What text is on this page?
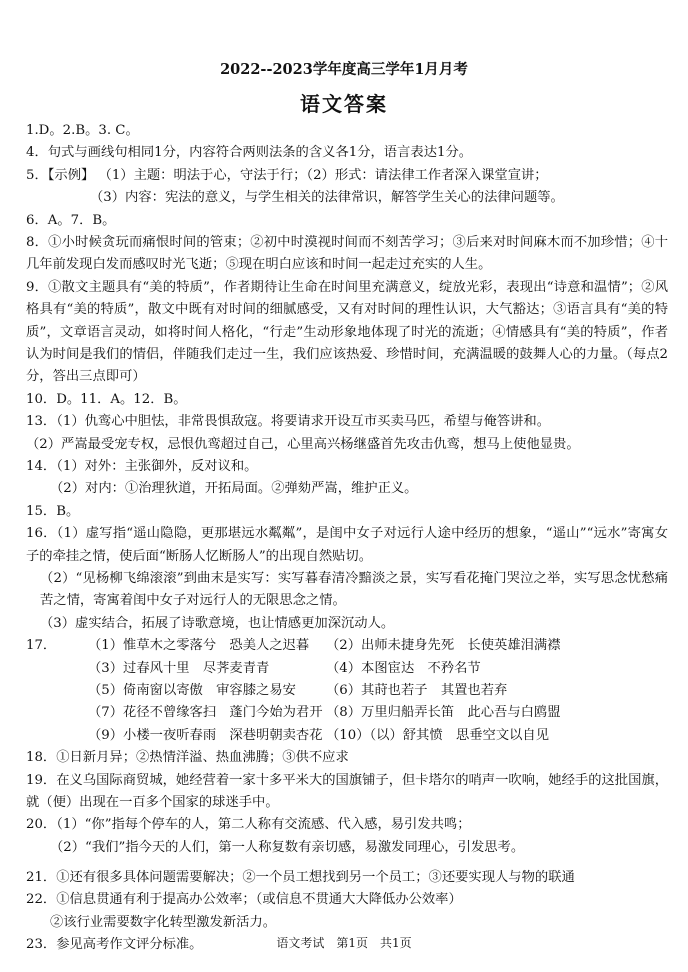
2022--2023学年度高三学年1月月考
语文答案
1.D。2.B。3. C。
4．句式与画线句相同1分，内容符合两则法条的含义各1分，语言表达1分。
5．【示例】 （1）主题：明法于心，守法于行；（2）形式：请法律工作者深入课堂宣讲；
（3）内容：宪法的意义，与学生相关的法律常识，解答学生关心的法律问题等。
6．A。7．B。
8．①小时候贪玩而痛恨时间的管束；②初中时漠视时间而不刻苦学习；③后来对时间麻木而不加珍惜；④十几年前发现白发而感叹时光飞逝；⑤现在明白应该和时间一起走过充实的人生。
9．①散文主题具有“美的特质”，作者期待让生命在时间里充满意义，绽放光彩，表现出“诗意和温情”；②风格具有“美的特质”，散文中既有对时间的细腻感受，又有对时间的理性认识，大气豁达；③语言具有“美的特质”，文章语言灵动，如将时间人格化，“行走”生动形象地体现了时光的流逝；④情感具有“美的特质”，作者认为时间是我们的情侣，伴随我们走过一生，我们应该热爱、珍惜时间，充满温暖的鼓舞人心的力量。（每点2分，答出三点即可）
10．D。11．A。12．B。
13．（1）仇鸾心中胆怯，非常畏惧敌寇。将要请求开设互市买卖马匹，希望与俺答讲和。
（2）严嵩最受宠专权，忌恨仇鸾超过自己，心里高兴杨继盛首先攻击仇鸾，想马上使他显贵。
14．（1）对外：主张御外，反对议和。
（2）对内：①治理狄道，开拓局面。②弹劾严嵩，维护正义。
15．B。
16．（1）虚写指“遥山隐隐，更那堪远水粼粼”，是闺中女子对远行人途中经历的想象，“遥山”“远水”寄寓女子的牵挂之情，使后面“断肠人忆断肠人”的出现自然贴切。
（2）“见杨柳飞绵滚滚”到曲末是实写：实写暮春清冷黯淡之景，实写看花掩门哭泣之举，实写思念忧愁痛苦之情，寄寓着闺中女子对远行人的无限思念之情。
（3）虚实结合，拓展了诗歌意境，也让情感更加深沉动人。
17．	（1）惟草木之零落兮　恐美人之迟暮	（2）出师未捷身先死　长使英雄泪满襟
（3）过春风十里　尽荠麦青青	（4）本图宦达　不矜名节
（5）倚南窗以寄傲　审容膝之易安	（6）其莳也若子　其置也若弃
（7）花径不曾缘客扫　蓬门今始为君开 （8）万里归船弄长笛　此心吾与白鸥盟
（9）小楼一夜听春雨　深巷明朝卖杏花 （10）（以）舒其愤　思垂空文以自见
18．①日新月异；②热情洋溢、热血沸腾；③供不应求
19．在义乌国际商贸城，她经营着一家十多平米大的国旗铺子，但卡塔尔的哨声一吹响，她经手的这批国旗，就（便）出现在一百多个国家的球迷手中。
20．（1）“你”指每个停车的人，第二人称有交流感、代入感，易引发共鸣；
（2）“我们”指今天的人们，第一人称复数有亲切感，易激发同理心，引发思考。
21．①还有很多具体问题需要解决；②一个员工想找到另一个员工；③还要实现人与物的联通
22．①信息贯通有利于提高办公效率；（或信息不贯通大大降低办公效率）
②该行业需要数字化转型激发新活力。
23．参见高考作文评分标准。	语文考试　第1页　共1页
